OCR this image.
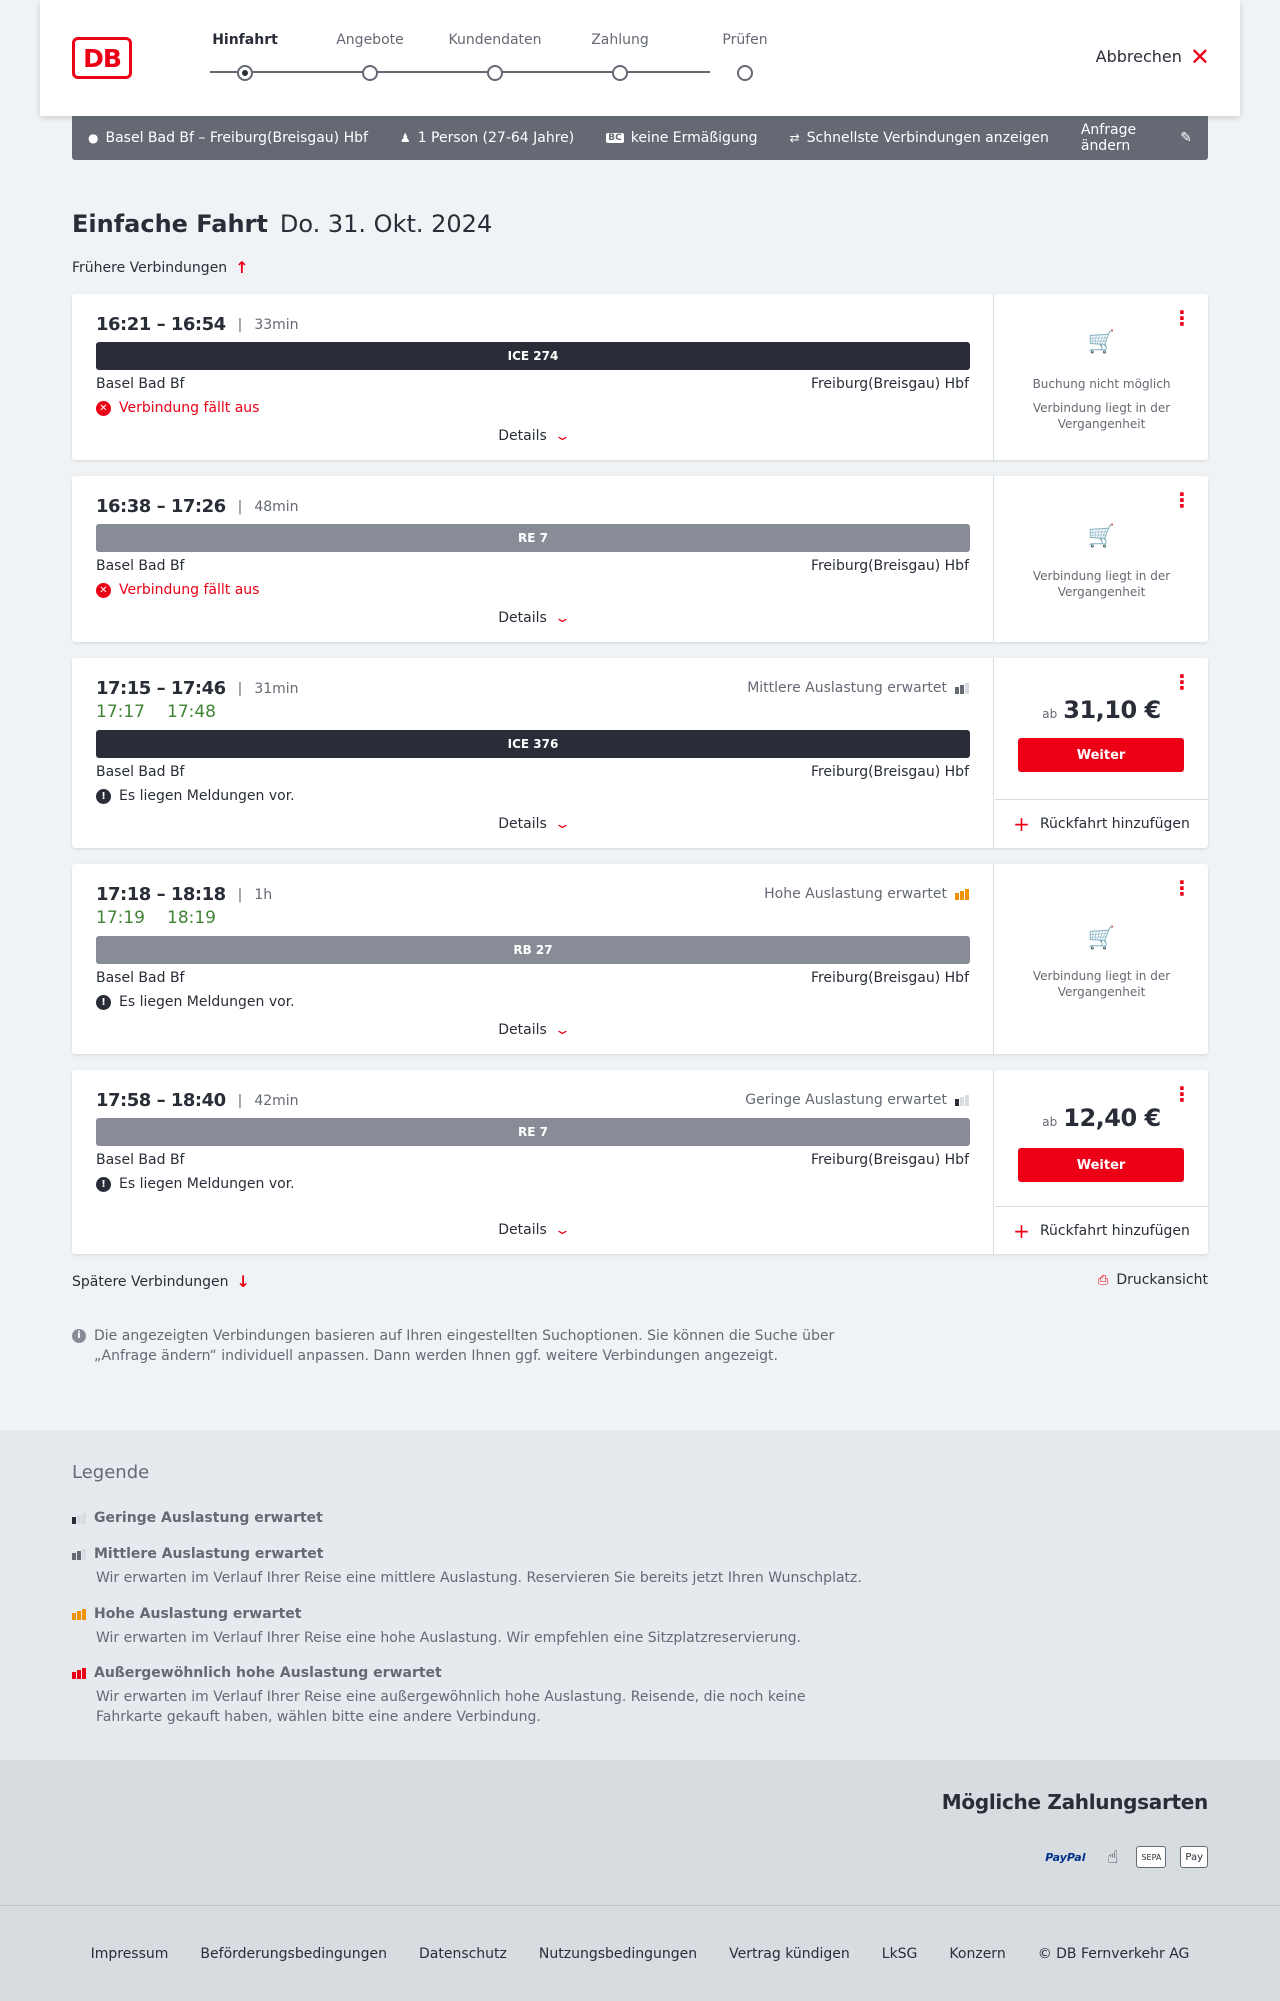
DB
Hinfahrt	Angebote	Kundendaten	Zahlung	Prüfen
Abbrechen ✕
● Basel Bad Bf – Freiburg(Breisgau) Hbf	♟ 1 Person (27-64 Jahre)	BC keine Ermäßigung	⇄ Schnellste Verbindungen anzeigen Anfrage ändern	✎
Einfache Fahrt Do. 31. Okt. 2024
Frühere Verbindungen ↑
16:21 – 16:54 | 33min
ICE 274
Basel Bad Bf	Freiburg(Breisgau) Hbf
✕ Verbindung fällt aus
Details ⌄
⋮
🛒
Buchung nicht möglich
Verbindung liegt in der Vergangenheit
16:38 – 17:26 | 48min
RE 7
Basel Bad Bf	Freiburg(Breisgau) Hbf
✕ Verbindung fällt aus
Details ⌄
⋮
🛒
Verbindung liegt in der Vergangenheit
17:15 – 17:46 | 31min	Mittlere Auslastung erwartet
17:17 17:48
ICE 376
Basel Bad Bf	Freiburg(Breisgau) Hbf
! Es liegen Meldungen vor.
Details ⌄
⋮
ab 31,10 €
Weiter
+ Rückfahrt hinzufügen
17:18 – 18:18 | 1h	Hohe Auslastung erwartet
17:19 18:19
RB 27
Basel Bad Bf	Freiburg(Breisgau) Hbf
! Es liegen Meldungen vor.
Details ⌄
⋮
🛒
Verbindung liegt in der Vergangenheit
17:58 – 18:40 | 42min	Geringe Auslastung erwartet
RE 7
Basel Bad Bf	Freiburg(Breisgau) Hbf
! Es liegen Meldungen vor.
Details ⌄
⋮
ab 12,40 €
Weiter
+ Rückfahrt hinzufügen
Spätere Verbindungen ↓	⎙ Druckansicht
i Die angezeigten Verbindungen basieren auf Ihren eingestellten Suchoptionen. Sie können die Suche über „Anfrage ändern“ individuell anpassen. Dann werden Ihnen ggf. weitere Verbindungen angezeigt.
Legende
Geringe Auslastung erwartet
Mittlere Auslastung erwartet
Wir erwarten im Verlauf Ihrer Reise eine mittlere Auslastung. Reservieren Sie bereits jetzt Ihren Wunschplatz.
Hohe Auslastung erwartet
Wir erwarten im Verlauf Ihrer Reise eine hohe Auslastung. Wir empfehlen eine Sitzplatzreservierung.
Außergewöhnlich hohe Auslastung erwartet
Wir erwarten im Verlauf Ihrer Reise eine außergewöhnlich hohe Auslastung. Reisende, die noch keine Fahrkarte gekauft haben, wählen bitte eine andere Verbindung.
Mögliche Zahlungsarten
PayPal ☝	SEPA	Pay
Impressum Beförderungsbedingungen Datenschutz Nutzungsbedingungen Vertrag kündigen LkSG Konzern © DB Fernverkehr AG
